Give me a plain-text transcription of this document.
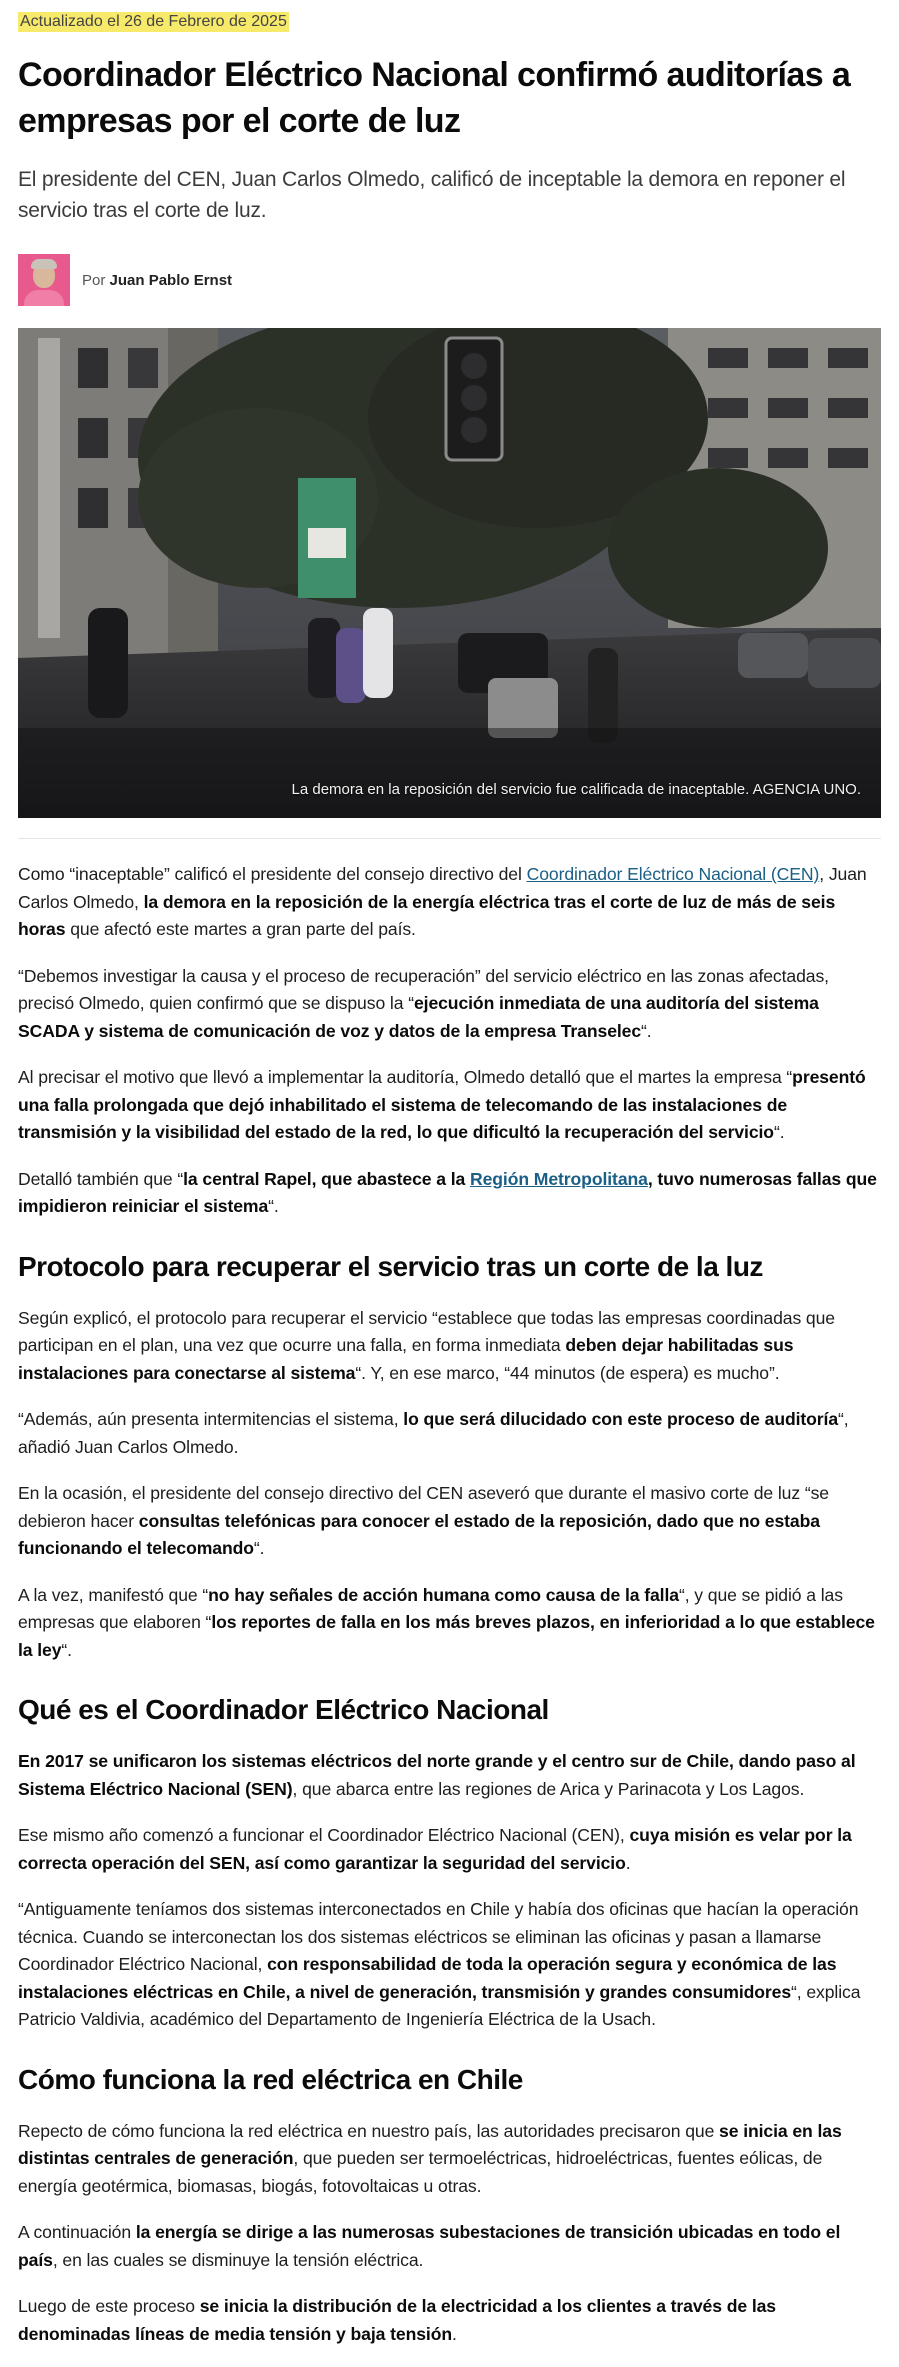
Actualizado el 26 de Febrero de 2025
Coordinador Eléctrico Nacional confirmó auditorías a empresas por el corte de luz

El presidente del CEN, Juan Carlos Olmedo, calificó de inceptable la demora en reponer el servicio tras el corte de luz.

Por Juan Pablo Ernst
La demora en la reposición del servicio fue calificada de inaceptable. AGENCIA UNO.

Como “inaceptable” calificó el presidente del consejo directivo del Coordinador Eléctrico Nacional (CEN), Juan Carlos Olmedo, la demora en la reposición de la energía eléctrica tras el corte de luz de más de seis horas que afectó este martes a gran parte del país.

“Debemos investigar la causa y el proceso de recuperación” del servicio eléctrico en las zonas afectadas, precisó Olmedo, quien confirmó que se dispuso la “ejecución inmediata de una auditoría del sistema SCADA y sistema de comunicación de voz y datos de la empresa Transelec“.

Al precisar el motivo que llevó a implementar la auditoría, Olmedo detalló que el martes la empresa “presentó una falla prolongada que dejó inhabilitado el sistema de telecomando de las instalaciones de transmisión y la visibilidad del estado de la red, lo que dificultó la recuperación del servicio“.

Detalló también que “la central Rapel, que abastece a la Región Metropolitana, tuvo numerosas fallas que impidieron reiniciar el sistema“.

Protocolo para recuperar el servicio tras un corte de la luz

Según explicó, el protocolo para recuperar el servicio “establece que todas las empresas coordinadas que participan en el plan, una vez que ocurre una falla, en forma inmediata deben dejar habilitadas sus instalaciones para conectarse al sistema“. Y, en ese marco, “44 minutos (de espera) es mucho”.

“Además, aún presenta intermitencias el sistema, lo que será dilucidado con este proceso de auditoría“, añadió Juan Carlos Olmedo.

En la ocasión, el presidente del consejo directivo del CEN aseveró que durante el masivo corte de luz “se debieron hacer consultas telefónicas para conocer el estado de la reposición, dado que no estaba funcionando el telecomando“.

A la vez, manifestó que “no hay señales de acción humana como causa de la falla“, y que se pidió a las empresas que elaboren “los reportes de falla en los más breves plazos, en inferioridad a lo que establece la ley“.

Qué es el Coordinador Eléctrico Nacional

En 2017 se unificaron los sistemas eléctricos del norte grande y el centro sur de Chile, dando paso al Sistema Eléctrico Nacional (SEN), que abarca entre las regiones de Arica y Parinacota y Los Lagos.

Ese mismo año comenzó a funcionar el Coordinador Eléctrico Nacional (CEN), cuya misión es velar por la correcta operación del SEN, así como garantizar la seguridad del servicio.

“Antiguamente teníamos dos sistemas interconectados en Chile y había dos oficinas que hacían la operación técnica. Cuando se interconectan los dos sistemas eléctricos se eliminan las oficinas y pasan a llamarse Coordinador Eléctrico Nacional, con responsabilidad de toda la operación segura y económica de las instalaciones eléctricas en Chile, a nivel de generación, transmisión y grandes consumidores“, explica Patricio Valdivia, académico del Departamento de Ingeniería Eléctrica de la Usach.

Cómo funciona la red eléctrica en Chile

Repecto de cómo funciona la red eléctrica en nuestro país, las autoridades precisaron que se inicia en las distintas centrales de generación, que pueden ser termoeléctricas, hidroeléctricas, fuentes eólicas, de energía geotérmica, biomasas, biogás, fotovoltaicas u otras.

A continuación la energía se dirige a las numerosas subestaciones de transición ubicadas en todo el país, en las cuales se disminuye la tensión eléctrica.

Luego de este proceso se inicia la distribución de la electricidad a los clientes a través de las denominadas líneas de media tensión y baja tensión.
